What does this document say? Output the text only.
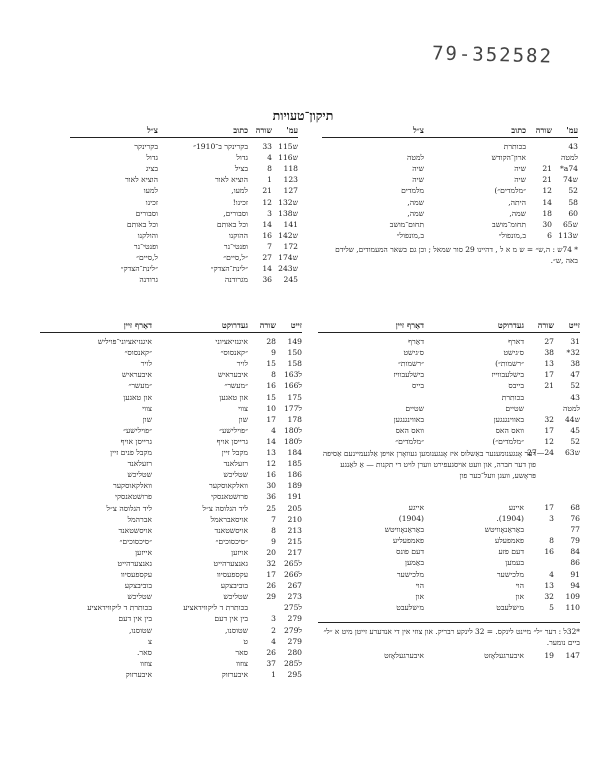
79-352582
תיקון־טעויות
עמ'
שורה
כתוב
צ״ל
43
בכותרת
למטה
ארון־הקודש
למטה
*a74
21
שיה
שיה
74ש
21
שיה
שיה
52
12
״מלמדים״)
מלמדים
58
14
היתה,
שמה,
60
18
שמה,
שמה,
ש65
30
תחומ־מושב
תחום־מושב
ש113
6
ב,מונפול״
ב,מונפול״
* 74ש : ה,ש״ = ש מ א ל , דהיינו 29 סור שמאל ; וכן גם בשאר המעמודים, שלידם באה ,ש״.
עמ'
שורה
כתוב
צ״ל
115ש
33
בקרינקר ב־1910״
בקרינקר
116ש
4
גדול
גדול
118
8
בציל
בציג
123
1
הוציא לאור
הוציא לאור
127
21
למעו,
למעו
132ש
12
זכינו!
זכינו
138ש
3
וסבורים,
וסבורים
141
14
וכל באותם
וכל באותם
142ש
16
ההוקנו
והולקנו
172
7
ופנטי־נר
ופנטי־נר
174ש
27
״ל,סיים״
ל,סיים״
243ש
14
״לינת־הצדק״
״לינת־הצדק״
245
36
מגרודנה
גרודנה
זייט
שורה
געדרוקט
דאַרף זיין
31
27
דארף
דאַרף
*32
38
ס׳גישט
ס׳גישט
38
13
״רשמות״)
״רשמות״
47
17
בישלעבווייז
בישלעבוויז
52
21
בייבס
בייס
43
בכותרת
למטה
שטיים
שטיים
44ש
32
באווינגנגען
באווינגנגען
45
17
וואס האס
וואס האס
52
12
״מלמדים״)
״מלמדים״
ש63
27—24
דער אָנגענומענער באַשלוס איז אָנגענומען געוואָרן אויפן אַלגעמיינעם אַסיפה פון דער חברה, און וועט אויסגעפירט ווערן לויט די תקנות — אַ לאַנגע פּראָשע, וועגן וועל־כער פון
68
17
איינע
אייגע
76
3
(1904).
(1904)
77
באַראַנאָוויטש
באַראַנאָוויטש
79
8
פאמפעלע
פאמפעליע
84
16
דעם פזע
דעם פונס
86
בעמען
באַמען
91
4
מלכישער
מלכישער
94
13
הוי
הוי
109
32
און
און
110
5
מ׳שלעבט
מ׳שלעבט
*32ל : דער ״ל״ מיינט לינקס. = 32 לינקע רבריק. און צוזי אין די אנדערע זייטן מיט א ״ל״ ביים נומער.
147
19
איבערגעלאָזט
איבערגעלאָזט
זייט
שורה
געדרוקט
דאַרף זיין
149
28
איגנזיאציוני
איגנזיאציוני־פּויליש
150
9
״קאנסוס״
״קאנסוס״
158
15
לויר
לויר
163ל
8
איבעראיש
איבעראיש
166ל
16
״מעשר״
״מעשר״
175
15
און טאגען
און טאגען
177ל
10
צווי
צווי
178
17
שון
שון
180ל
4
״פוילישע״
״פוילישע״
180ל
14
גרייסן אויף
גרייסן אויף
184
13
מקבל זיין
מקבל פנים זיין
185
12
רזעלאנד
רזעלאנד
186
16
שטליכש
שטליכש
189
30
וואלקאוסקער
וואלקאוסקער
191
36
פרושטאנסקי
פרושטאנסקי
205
25
ליד הגלוסה צ״ל
ליד הגלוסה צ״ל
210
7
אויסאבראמל
אברהמל
213
8
אויסשטאנד
אויסשטאנד
215
9
״סיכסוכים״
״סיכסוכים״
217
20
אויזען
אייזען
265ל
32
גאנצערהייט
גאנצערהייט
266ל
17
עקספעסיוו
עקספעסיוו
267
26
בוביבצקע
בוביבצקע
273
29
שטליכש
שטליכש
275ל
בכותרת ד ליקווידאציע
בכותרת ד ליקווידאציע
279
3
בין אין דעם
בין אין דעם
279ל
2
שטוסנו,
שטוסנו,
279
4
ט
צ
280
26
סאר
סאר.
285ל
37
צוזוו
צוזוו
295
1
איבערזוק
איבערזוק
